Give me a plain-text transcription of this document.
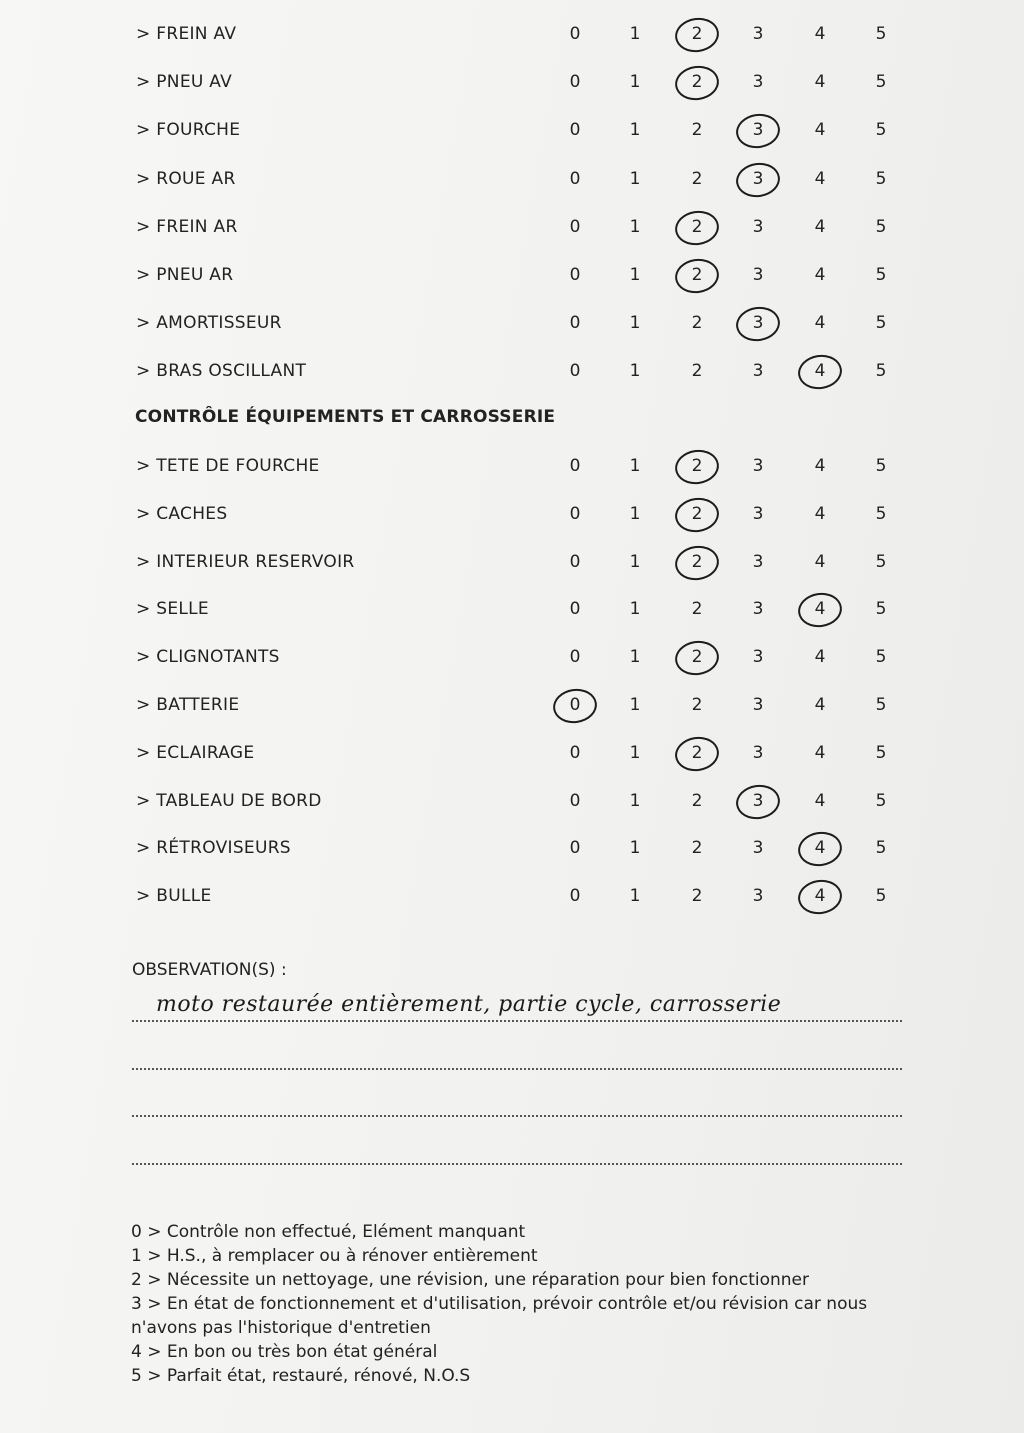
> FREIN AV	0	1	2	3	4	5
> PNEU AV	0	1	2	3	4	5
> FOURCHE	0	1	2	3	4	5
> ROUE AR	0	1	2	3	4	5
> FREIN AR	0	1	2	3	4	5
> PNEU AR	0	1	2	3	4	5
> AMORTISSEUR	0	1	2	3	4	5
> BRAS OSCILLANT	0	1	2	3	4	5
CONTRÔLE ÉQUIPEMENTS ET CARROSSERIE
> TETE DE FOURCHE	0	1	2	3	4	5
> CACHES	0	1	2	3	4	5
> INTERIEUR RESERVOIR	0	1	2	3	4	5
> SELLE	0	1	2	3	4	5
> CLIGNOTANTS	0	1	2	3	4	5
> BATTERIE	0	1	2	3	4	5
> ECLAIRAGE	0	1	2	3	4	5
> TABLEAU DE BORD	0	1	2	3	4	5
> RÉTROVISEURS	0	1	2	3	4	5
> BULLE	0	1	2	3	4	5
OBSERVATION(S) :
moto restaurée entièrement, partie cycle, carrosserie
0 > Contrôle non effectué, Elément manquant
1 > H.S., à remplacer ou à rénover entièrement
2 > Nécessite un nettoyage, une révision, une réparation pour bien fonctionner
3 > En état de fonctionnement et d'utilisation, prévoir contrôle et/ou révision car nous n'avons pas l'historique d'entretien
4 > En bon ou très bon état général
5 > Parfait état, restauré, rénové, N.O.S
